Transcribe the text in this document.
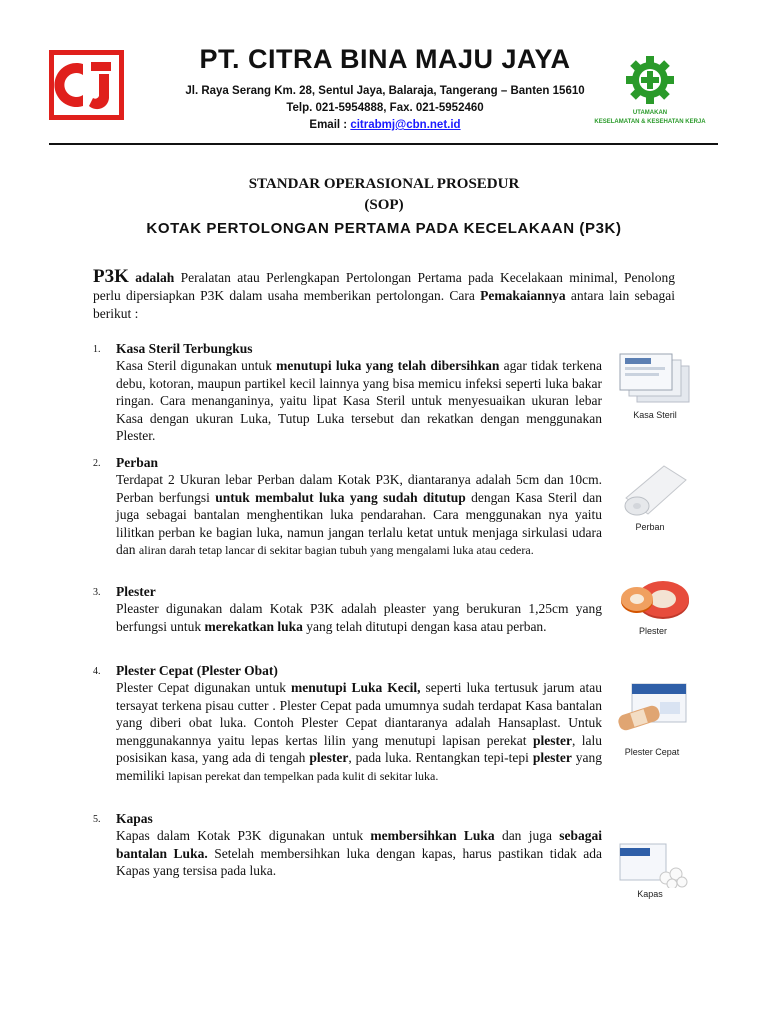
PT. CITRA BINA MAJU JAYA
Jl. Raya Serang Km. 28, Sentul Jaya, Balaraja, Tangerang – Banten 15610
Telp. 021-5954888, Fax. 021-5952460
Email : citrabmj@cbn.net.id
UTAMAKAN
KESELAMATAN & KESEHATAN KERJA
STANDAR OPERASIONAL PROSEDUR
(SOP)
KOTAK PERTOLONGAN PERTAMA PADA KECELAKAAN (P3K)
P3K adalah Peralatan atau Perlengkapan Pertolongan Pertama pada Kecelakaan minimal, Penolong perlu dipersiapkan P3K dalam usaha memberikan pertolongan. Cara Pemakaiannya antara lain sebagai berikut :
1.	Kasa Steril Terbungkus
Kasa Steril digunakan untuk menutupi luka yang telah dibersihkan agar tidak terkena debu, kotoran, maupun partikel kecil lainnya yang bisa memicu infeksi seperti luka bakar ringan. Cara menanganinya, yaitu lipat Kasa Steril untuk menyesuaikan ukuran lebar Kasa dengan ukuran Luka, Tutup Luka tersebut dan rekatkan dengan menggunakan Plester.
Kasa Steril
2.	Perban
Terdapat 2 Ukuran lebar Perban dalam Kotak P3K, diantaranya adalah 5cm dan 10cm. Perban berfungsi untuk membalut luka yang sudah ditutup dengan Kasa Steril dan juga sebagai bantalan menghentikan luka pendarahan. Cara menggunakan nya yaitu lilitkan perban ke bagian luka, namun jangan terlalu ketat untuk menjaga sirkulasi udara dan aliran darah tetap lancar di sekitar bagian tubuh yang mengalami luka atau cedera.
Perban
3.	Plester
Pleaster digunakan dalam Kotak P3K adalah pleaster yang berukuran 1,25cm yang berfungsi untuk merekatkan luka yang telah ditutupi dengan kasa atau perban.	Plester
4.	Plester Cepat (Plester Obat)
Plester Cepat digunakan untuk menutupi Luka Kecil, seperti luka tertusuk jarum atau tersayat terkena pisau cutter . Plester Cepat pada umumnya sudah terdapat Kasa bantalan yang diberi obat luka. Contoh Plester Cepat diantaranya adalah Hansaplast. Untuk menggunakannya yaitu lepas kertas lilin yang menutupi lapisan perekat plester, lalu posisikan kasa, yang ada di tengah plester, pada luka. Rentangkan tepi-tepi plester yang memiliki lapisan perekat dan tempelkan pada kulit di sekitar luka.
Plester Cepat
5.	Kapas
Kapas dalam Kotak P3K digunakan untuk membersihkan Luka dan juga sebagai bantalan Luka. Setelah membersihkan luka dengan kapas, harus pastikan tidak ada Kapas yang tersisa pada luka.
Kapas
